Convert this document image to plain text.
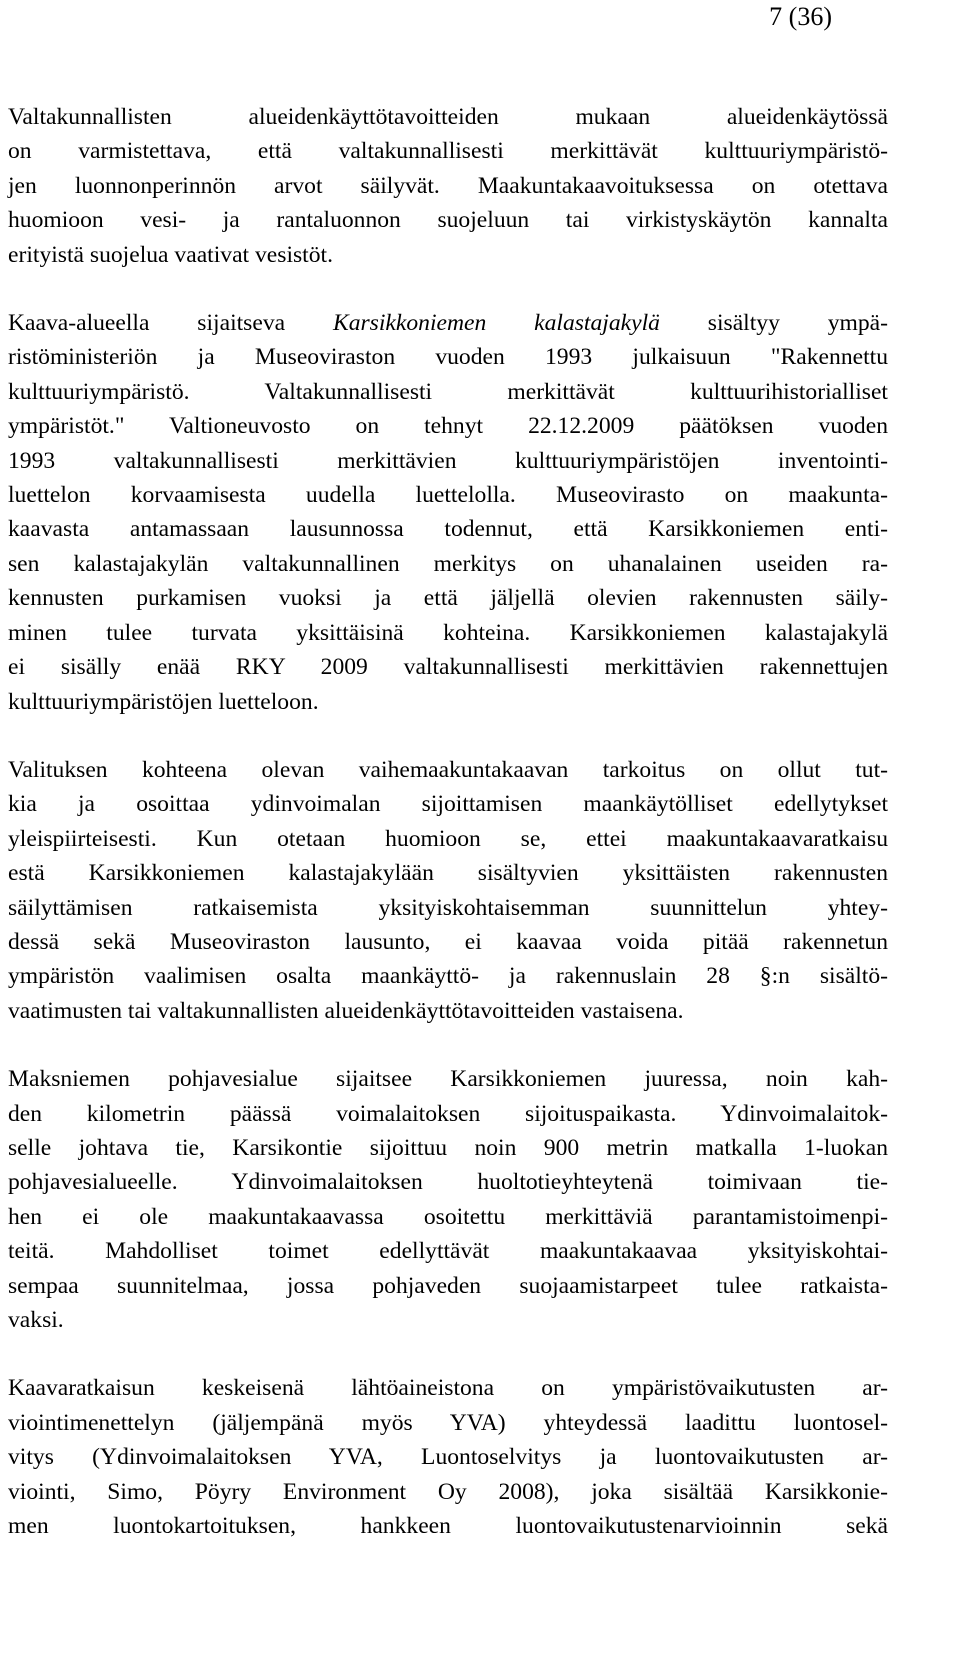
7 (36)
Valtakunnallisten alueidenkäyttötavoitteiden mukaan alueidenkäytössä
on varmistettava, että valtakunnallisesti merkittävät kulttuuriympäristö-
jen luonnonperinnön arvot säilyvät. Maakuntakaavoituksessa on otettava
huomioon vesi- ja rantaluonnon suojeluun tai virkistyskäytön kannalta
erityistä suojelua vaativat vesistöt.
Kaava-alueella sijaitseva Karsikkoniemen kalastajakylä sisältyy ympä-
ristöministeriön ja Museoviraston vuoden 1993 julkaisuun "Rakennettu
kulttuuriympäristö. Valtakunnallisesti merkittävät kulttuurihistorialliset
ympäristöt." Valtioneuvosto on tehnyt 22.12.2009 päätöksen vuoden
1993 valtakunnallisesti merkittävien kulttuuriympäristöjen inventointi-
luettelon korvaamisesta uudella luettelolla. Museovirasto on maakunta-
kaavasta antamassaan lausunnossa todennut, että Karsikkoniemen enti-
sen kalastajakylän valtakunnallinen merkitys on uhanalainen useiden ra-
kennusten purkamisen vuoksi ja että jäljellä olevien rakennusten säily-
minen tulee turvata yksittäisinä kohteina. Karsikkoniemen kalastajakylä
ei sisälly enää RKY 2009 valtakunnallisesti merkittävien rakennettujen
kulttuuriympäristöjen luetteloon.
Valituksen kohteena olevan vaihemaakuntakaavan tarkoitus on ollut tut-
kia ja osoittaa ydinvoimalan sijoittamisen maankäytölliset edellytykset
yleispiirteisesti. Kun otetaan huomioon se, ettei maakuntakaavaratkaisu
estä Karsikkoniemen kalastajakylään sisältyvien yksittäisten rakennusten
säilyttämisen ratkaisemista yksityiskohtaisemman suunnittelun yhtey-
dessä sekä Museoviraston lausunto, ei kaavaa voida pitää rakennetun
ympäristön vaalimisen osalta maankäyttö- ja rakennuslain 28 §:n sisältö-
vaatimusten tai valtakunnallisten alueidenkäyttötavoitteiden vastaisena.
Maksniemen pohjavesialue sijaitsee Karsikkoniemen juuressa, noin kah-
den kilometrin päässä voimalaitoksen sijoituspaikasta. Ydinvoimalaitok-
selle johtava tie, Karsikontie sijoittuu noin 900 metrin matkalla 1-luokan
pohjavesialueelle. Ydinvoimalaitoksen huoltotieyhteytenä toimivaan tie-
hen ei ole maakuntakaavassa osoitettu merkittäviä parantamistoimenpi-
teitä. Mahdolliset toimet edellyttävät maakuntakaavaa yksityiskohtai-
sempaa suunnitelmaa, jossa pohjaveden suojaamistarpeet tulee ratkaista-
vaksi.
Kaavaratkaisun keskeisenä lähtöaineistona on ympäristövaikutusten ar-
viointimenettelyn (jäljempänä myös YVA) yhteydessä laadittu luontosel-
vitys (Ydinvoimalaitoksen YVA, Luontoselvitys ja luontovaikutusten ar-
viointi, Simo, Pöyry Environment Oy 2008), joka sisältää Karsikkonie-
men luontokartoituksen, hankkeen luontovaikutustenarvioinnin sekä
